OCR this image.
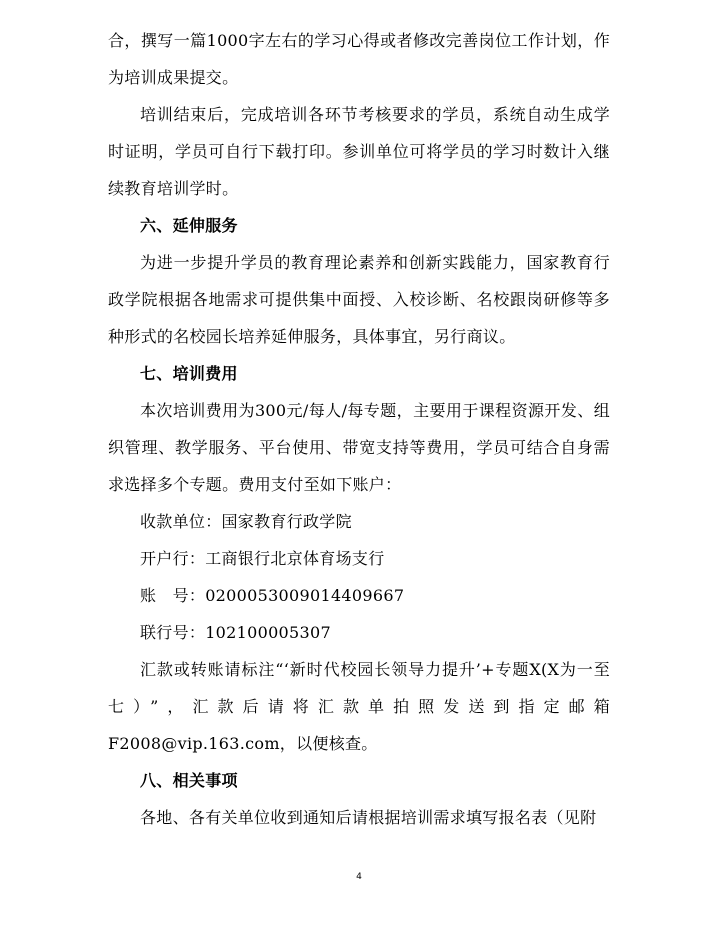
合，撰写一篇1000字左右的学习心得或者修改完善岗位工作计划，作为培训成果提交。

培训结束后，完成培训各环节考核要求的学员，系统自动生成学时证明，学员可自行下载打印。参训单位可将学员的学习时数计入继续教育培训学时。

六、延伸服务

为进一步提升学员的教育理论素养和创新实践能力，国家教育行政学院根据各地需求可提供集中面授、入校诊断、名校跟岗研修等多种形式的名校园长培养延伸服务，具体事宜，另行商议。

七、培训费用

本次培训费用为300元/每人/每专题，主要用于课程资源开发、组织管理、教学服务、平台使用、带宽支持等费用，学员可结合自身需求选择多个专题。费用支付至如下账户：

收款单位：国家教育行政学院

开户行：工商银行北京体育场支行

账　号：0200053009014409667

联行号：102100005307

汇款或转账请标注“‘新时代校园长领导力提升’+专题X(X为一至七）”，汇款后请将汇款单拍照发送到指定邮箱

F2008@vip.163.com，以便核查。

八、相关事项

各地、各有关单位收到通知后请根据培训需求填写报名表（见附

4
